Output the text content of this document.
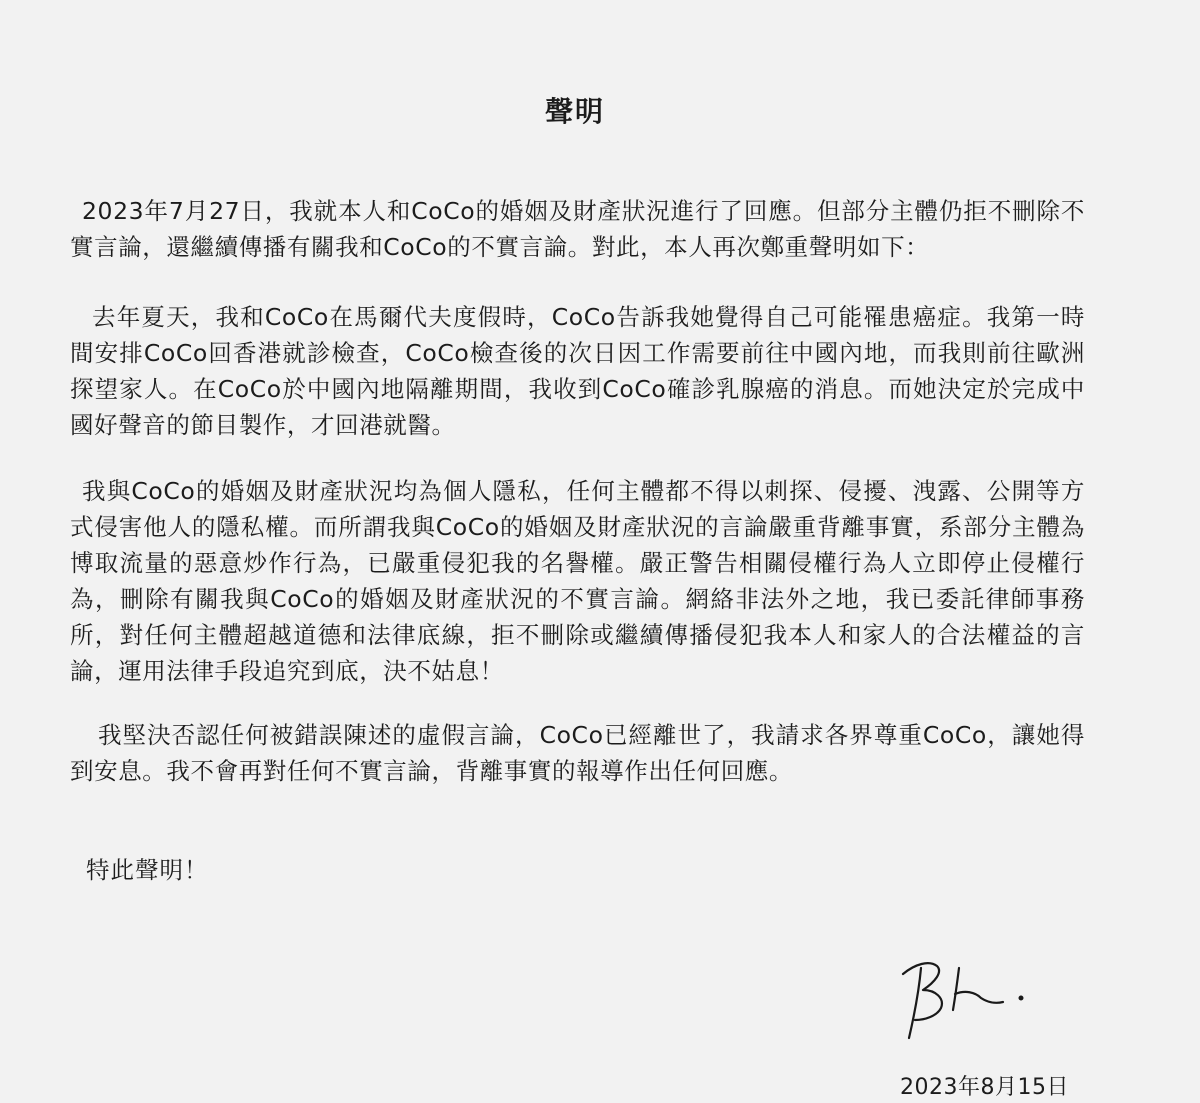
聲明

2023年7月27日，我就本人和CoCo的婚姻及財產狀況進行了回應。但部分主體仍拒不刪除不實言論，還繼續傳播有關我和CoCo的不實言論。對此，本人再次鄭重聲明如下：

去年夏天，我和CoCo在馬爾代夫度假時，CoCo告訴我她覺得自己可能罹患癌症。我第一時間安排CoCo回香港就診檢查，CoCo檢查後的次日因工作需要前往中國內地，而我則前往歐洲探望家人。在CoCo於中國內地隔離期間，我收到CoCo確診乳腺癌的消息。而她決定於完成中國好聲音的節目製作，才回港就醫。

我與CoCo的婚姻及財產狀況均為個人隱私，任何主體都不得以刺探、侵擾、洩露、公開等方式侵害他人的隱私權。而所謂我與CoCo的婚姻及財產狀況的言論嚴重背離事實，系部分主體為博取流量的惡意炒作行為，已嚴重侵犯我的名譽權。嚴正警告相關侵權行為人立即停止侵權行為，刪除有關我與CoCo的婚姻及財產狀況的不實言論。網絡非法外之地，我已委託律師事務所，對任何主體超越道德和法律底線，拒不刪除或繼續傳播侵犯我本人和家人的合法權益的言論，運用法律手段追究到底，決不姑息！

我堅決否認任何被錯誤陳述的虛假言論，CoCo已經離世了，我請求各界尊重CoCo，讓她得到安息。我不會再對任何不實言論，背離事實的報導作出任何回應。

特此聲明！
2023年8月15日
